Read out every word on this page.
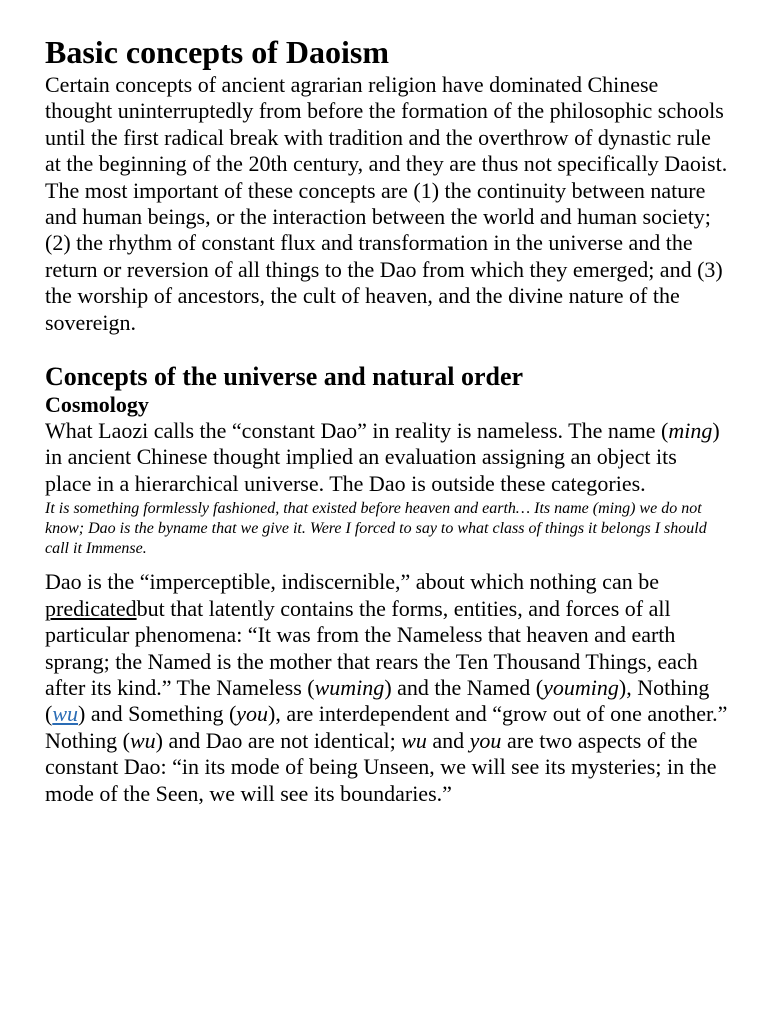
Basic concepts of Daoism

Certain concepts of ancient agrarian religion have dominated Chinese thought uninterruptedly from before the formation of the philosophic schools until the first radical break with tradition and the overthrow of dynastic rule at the beginning of the 20th century, and they are thus not specifically Daoist. The most important of these concepts are (1) the continuity between nature and human beings, or the interaction between the world and human society; (2) the rhythm of constant flux and transformation in the universe and the return or reversion of all things to the Dao from which they emerged; and (3) the worship of ancestors, the cult of heaven, and the divine nature of the sovereign.

Concepts of the universe and natural order
Cosmology

What Laozi calls the “constant Dao” in reality is nameless. The name (ming) in ancient Chinese thought implied an evaluation assigning an object its place in a hierarchical universe. The Dao is outside these categories.

It is something formlessly fashioned, that existed before heaven and earth… Its name (ming) we do not know; Dao is the byname that we give it. Were I forced to say to what class of things it belongs I should call it Immense.

Dao is the “imperceptible, indiscernible,” about which nothing can be predicatedbut that latently contains the forms, entities, and forces of all particular phenomena: “It was from the Nameless that heaven and earth sprang; the Named is the mother that rears the Ten Thousand Things, each after its kind.” The Nameless (wuming) and the Named (youming), Nothing (wu) and Something (you), are interdependent and “grow out of one another.”

Nothing (wu) and Dao are not identical; wu and you are two aspects of the constant Dao: “in its mode of being Unseen, we will see its mysteries; in the mode of the Seen, we will see its boundaries.”
